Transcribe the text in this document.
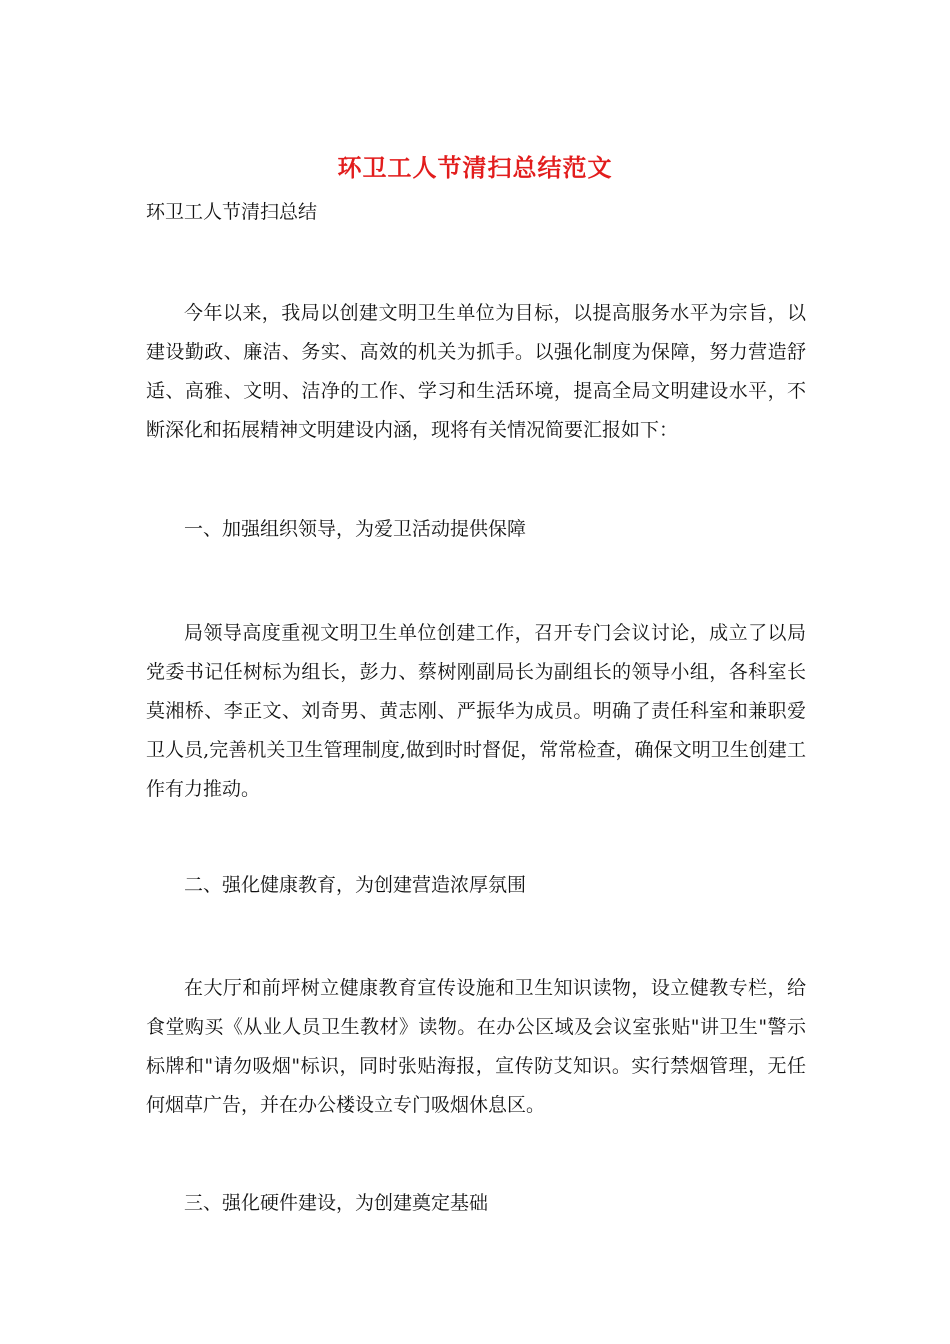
环卫工人节清扫总结范文
环卫工人节清扫总结
今年以来，我局以创建文明卫生单位为目标，以提高服务水平为宗旨，以建设勤政、廉洁、务实、高效的机关为抓手。以强化制度为保障，努力营造舒适、高雅、文明、洁净的工作、学习和生活环境，提高全局文明建设水平，不断深化和拓展精神文明建设内涵，现将有关情况简要汇报如下：
一、加强组织领导，为爱卫活动提供保障
局领导高度重视文明卫生单位创建工作，召开专门会议讨论，成立了以局党委书记任树标为组长，彭力、蔡树刚副局长为副组长的领导小组，各科室长莫湘桥、李正文、刘奇男、黄志刚、严振华为成员。明确了责任科室和兼职爱卫人员,完善机关卫生管理制度,做到时时督促，常常检查，确保文明卫生创建工作有力推动。
二、强化健康教育，为创建营造浓厚氛围
在大厅和前坪树立健康教育宣传设施和卫生知识读物，设立健教专栏，给食堂购买《从业人员卫生教材》读物。在办公区域及会议室张贴"讲卫生"警示标牌和"请勿吸烟"标识，同时张贴海报，宣传防艾知识。实行禁烟管理，无任何烟草广告，并在办公楼设立专门吸烟休息区。
三、强化硬件建设，为创建奠定基础
